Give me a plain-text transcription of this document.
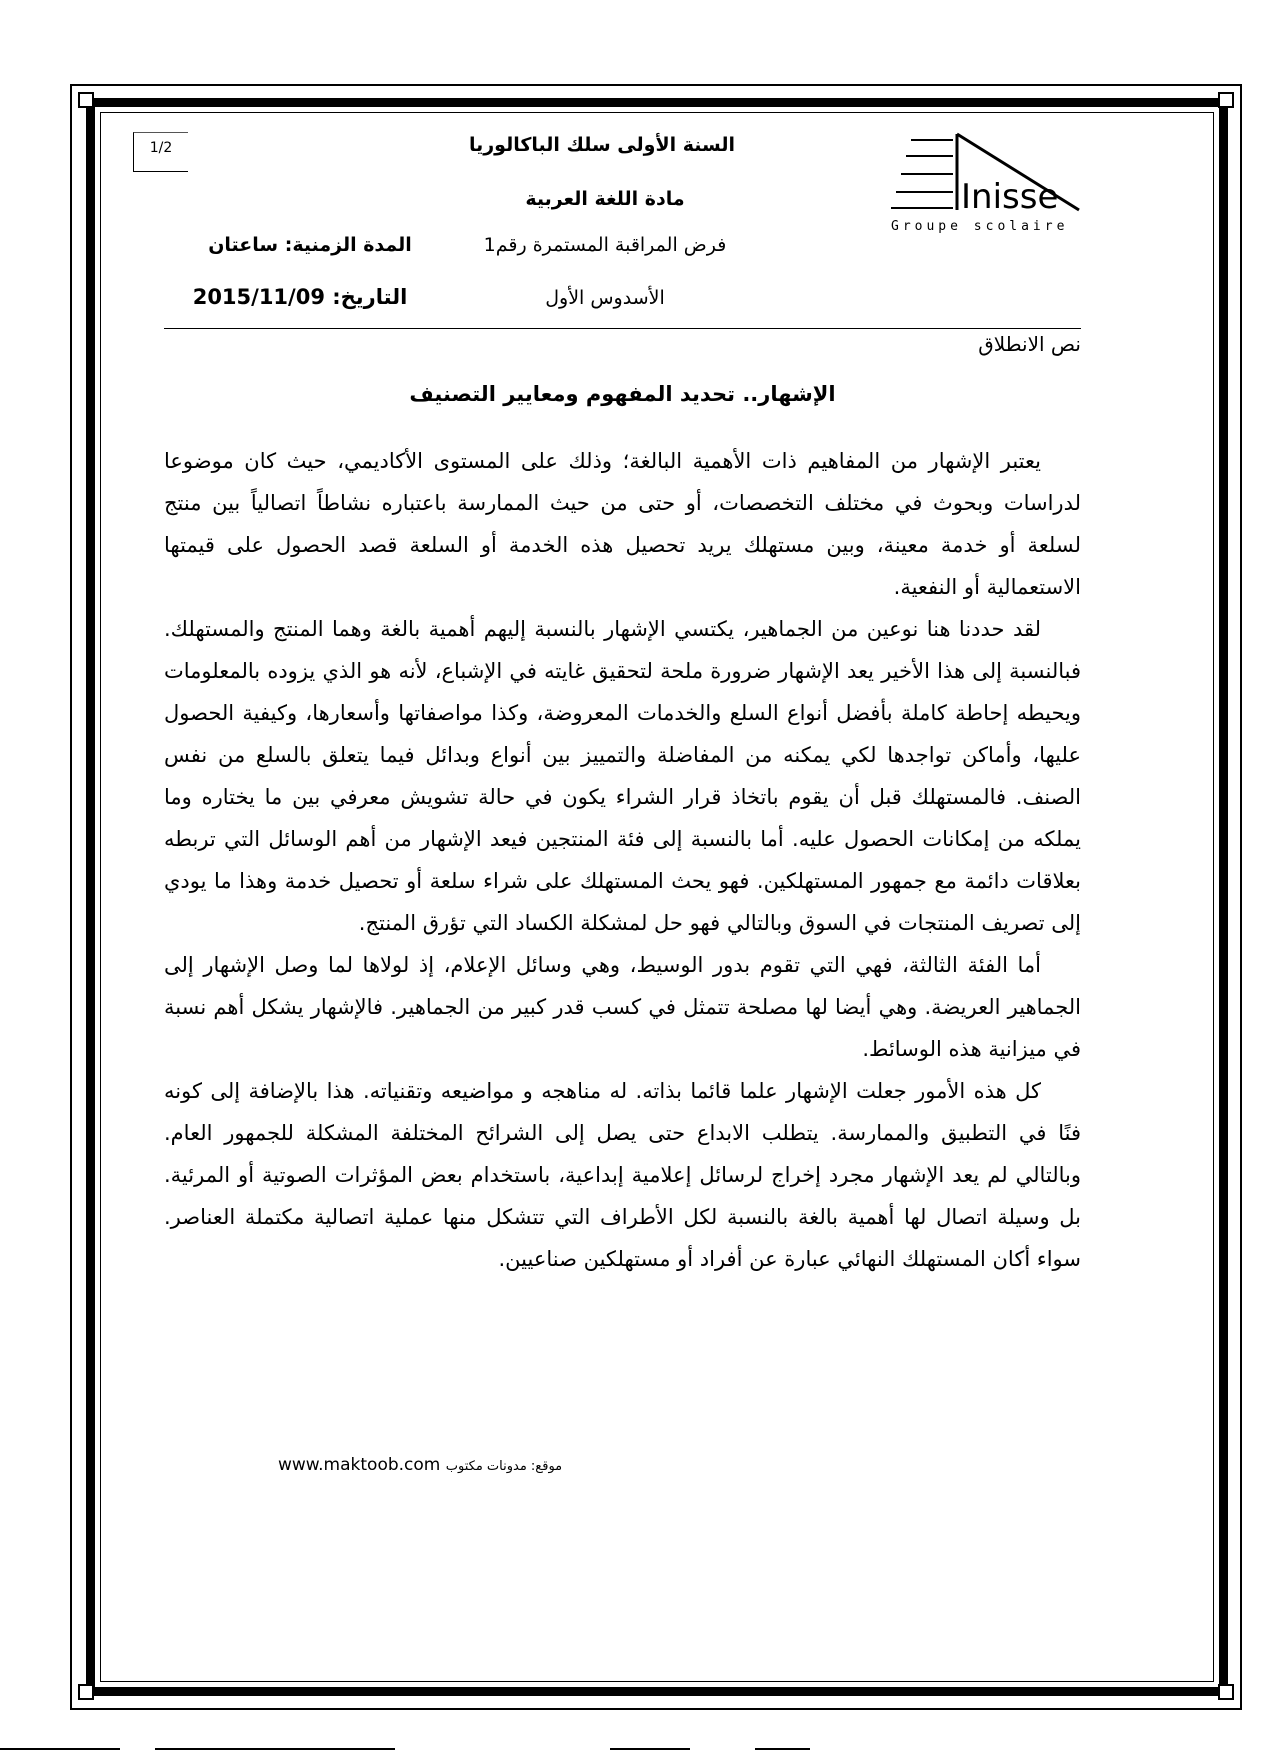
1/2
Inisse
Groupe scolaire
السنة الأولى سلك الباكالوريا
مادة اللغة العربية
فرض المراقبة المستمرة رقم1
المدة الزمنية: ساعتان
الأسدوس الأول
التاريخ: 2015/11/09
نص الانطلاق
الإشهار.. تحديد المفهوم ومعايير التصنيف

يعتبر الإشهار من المفاهيم ذات الأهمية البالغة؛ وذلك على المستوى الأكاديمي، حيث كان موضوعا لدراسات وبحوث في مختلف التخصصات، أو حتى من حيث الممارسة باعتباره نشاطاً اتصالياً بين منتج لسلعة أو خدمة معينة، وبين مستهلك يريد تحصيل هذه الخدمة أو السلعة قصد الحصول على قيمتها الاستعمالية أو النفعية.

لقد حددنا هنا نوعين من الجماهير، يكتسي الإشهار بالنسبة إليهم أهمية بالغة وهما المنتج والمستهلك. فبالنسبة إلى هذا الأخير يعد الإشهار ضرورة ملحة لتحقيق غايته في الإشباع، لأنه هو الذي يزوده بالمعلومات ويحيطه إحاطة كاملة بأفضل أنواع السلع والخدمات المعروضة، وكذا مواصفاتها وأسعارها، وكيفية الحصول عليها، وأماكن تواجدها لكي يمكنه من المفاضلة والتمييز بين أنواع وبدائل فيما يتعلق بالسلع من نفس الصنف. فالمستهلك قبل أن يقوم باتخاذ قرار الشراء يكون في حالة تشويش معرفي بين ما يختاره وما يملكه من إمكانات الحصول عليه. أما بالنسبة إلى فئة المنتجين فيعد الإشهار من أهم الوسائل التي تربطه بعلاقات دائمة مع جمهور المستهلكين. فهو يحث المستهلك على شراء سلعة أو تحصيل خدمة وهذا ما يودي إلى تصريف المنتجات في السوق وبالتالي فهو حل لمشكلة الكساد التي تؤرق المنتج.

أما الفئة الثالثة، فهي التي تقوم بدور الوسيط، وهي وسائل الإعلام، إذ لولاها لما وصل الإشهار إلى الجماهير العريضة. وهي أيضا لها مصلحة تتمثل في كسب قدر كبير من الجماهير. فالإشهار يشكل أهم نسبة في ميزانية هذه الوسائط.

كل هذه الأمور جعلت الإشهار علما قائما بذاته. له مناهجه و مواضيعه وتقنياته. هذا بالإضافة إلى كونه فنًا في التطبيق والممارسة. يتطلب الابداع حتى يصل إلى الشرائح المختلفة المشكلة للجمهور العام. وبالتالي لم يعد الإشهار مجرد إخراج لرسائل إعلامية إبداعية، باستخدام بعض المؤثرات الصوتية أو المرئية. بل وسيلة اتصال لها أهمية بالغة بالنسبة لكل الأطراف التي تتشكل منها عملية اتصالية مكتملة العناصر. سواء أكان المستهلك النهائي عبارة عن أفراد أو مستهلكين صناعيين.

www.maktoob.com موقع: مدونات مكتوب
